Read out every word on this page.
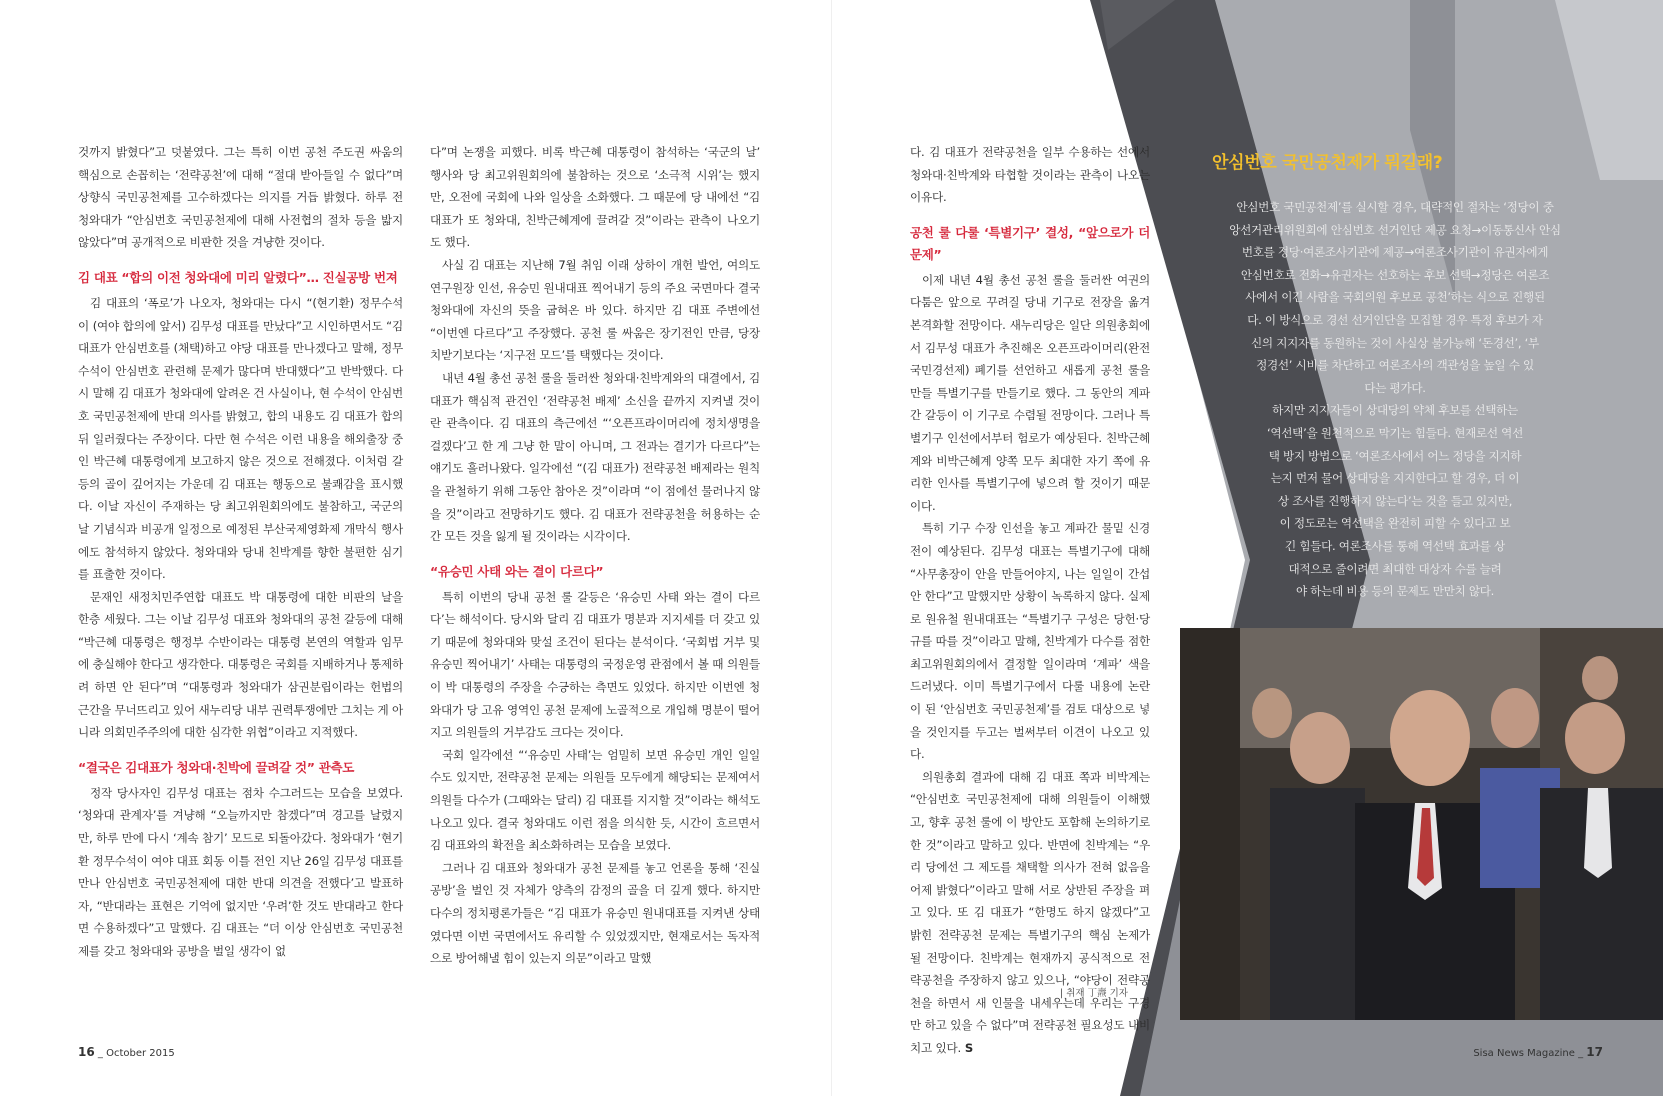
것까지 밝혔다”고 덧붙였다. 그는 특히 이번 공천 주도권 싸움의 핵심으로 손꼽히는 ‘전략공천’에 대해 “절대 받아들일 수 없다”며 상향식 국민공천제를 고수하겠다는 의지를 거듭 밝혔다. 하루 전 청와대가 “안심번호 국민공천제에 대해 사전협의 절차 등을 밟지 않았다”며 공개적으로 비판한 것을 겨냥한 것이다.

김 대표 “합의 이전 청와대에 미리 알렸다”… 진실공방 번져

김 대표의 ‘폭로’가 나오자, 청와대는 다시 “(현기환) 정무수석이 (여야 합의에 앞서) 김무성 대표를 만났다”고 시인하면서도 “김 대표가 안심번호를 (채택)하고 야당 대표를 만나겠다고 말해, 정무수석이 안심번호 관련해 문제가 많다며 반대했다”고 반박했다. 다시 말해 김 대표가 청와대에 알려온 건 사실이나, 현 수석이 안심번호 국민공천제에 반대 의사를 밝혔고, 합의 내용도 김 대표가 합의 뒤 일러줬다는 주장이다. 다만 현 수석은 이런 내용을 해외출장 중인 박근혜 대통령에게 보고하지 않은 것으로 전해졌다. 이처럼 갈등의 골이 깊어지는 가운데 김 대표는 행동으로 불쾌감을 표시했다. 이날 자신이 주재하는 당 최고위원회의에도 불참하고, 국군의 날 기념식과 비공개 일정으로 예정된 부산국제영화제 개막식 행사에도 참석하지 않았다. 청와대와 당내 친박계를 향한 불편한 심기를 표출한 것이다.

문재인 새정치민주연합 대표도 박 대통령에 대한 비판의 날을 한층 세웠다. 그는 이날 김무성 대표와 청와대의 공천 갈등에 대해 “박근혜 대통령은 행정부 수반이라는 대통령 본연의 역할과 임무에 충실해야 한다고 생각한다. 대통령은 국회를 지배하거나 통제하려 하면 안 된다”며 “대통령과 청와대가 삼권분립이라는 헌법의 근간을 무너뜨리고 있어 새누리당 내부 권력투쟁에만 그치는 게 아니라 의회민주주의에 대한 심각한 위협”이라고 지적했다.

“결국은 김대표가 청와대·친박에 끌려갈 것” 관측도

정작 당사자인 김무성 대표는 점차 수그러드는 모습을 보였다. ‘청와대 관계자’를 겨냥해 “오늘까지만 참겠다”며 경고를 날렸지만, 하루 만에 다시 ‘계속 참기’ 모드로 되돌아갔다. 청와대가 ‘현기환 정무수석이 여야 대표 회동 이틀 전인 지난 26일 김무성 대표를 만나 안심번호 국민공천제에 대한 반대 의견을 전했다’고 발표하자, “반대라는 표현은 기억에 없지만 ‘우려’한 것도 반대라고 한다면 수용하겠다”고 말했다. 김 대표는 “더 이상 안심번호 국민공천제를 갖고 청와대와 공방을 벌일 생각이 없

다”며 논쟁을 피했다. 비록 박근혜 대통령이 참석하는 ‘국군의 날’ 행사와 당 최고위원회의에 불참하는 것으로 ‘소극적 시위’는 했지만, 오전에 국회에 나와 일상을 소화했다. 그 때문에 당 내에선 “김 대표가 또 청와대, 친박근혜계에 끌려갈 것”이라는 관측이 나오기도 했다.

사실 김 대표는 지난해 7월 취임 이래 상하이 개헌 발언, 여의도연구원장 인선, 유승민 원내대표 찍어내기 등의 주요 국면마다 결국 청와대에 자신의 뜻을 굽혀온 바 있다. 하지만 김 대표 주변에선 “이번엔 다르다”고 주장했다. 공천 룰 싸움은 장기전인 만큼, 당장 치받기보다는 ‘지구전 모드’를 택했다는 것이다.

내년 4월 총선 공천 룰을 둘러싼 청와대·친박계와의 대결에서, 김 대표가 핵심적 관건인 ‘전략공천 배제’ 소신을 끝까지 지켜낼 것이란 관측이다. 김 대표의 측근에선 “‘오픈프라이머리에 정치생명을 걸겠다’고 한 게 그냥 한 말이 아니며, 그 전과는 결기가 다르다”는 얘기도 흘러나왔다. 일각에선 “(김 대표가) 전략공천 배제라는 원칙을 관철하기 위해 그동안 참아온 것”이라며 “이 점에선 물러나지 않을 것”이라고 전망하기도 했다. 김 대표가 전략공천을 허용하는 순간 모든 것을 잃게 될 것이라는 시각이다.

“유승민 사태 와는 결이 다르다”

특히 이번의 당내 공천 룰 갈등은 ‘유승민 사태 와는 결이 다르다’는 해석이다. 당시와 달리 김 대표가 명분과 지지세를 더 갖고 있기 때문에 청와대와 맞설 조건이 된다는 분석이다. ‘국회법 거부 및 유승민 찍어내기’ 사태는 대통령의 국정운영 관점에서 볼 때 의원들이 박 대통령의 주장을 수긍하는 측면도 있었다. 하지만 이번엔 청와대가 당 고유 영역인 공천 문제에 노골적으로 개입해 명분이 떨어지고 의원들의 거부감도 크다는 것이다.

국회 일각에선 “‘유승민 사태’는 엄밀히 보면 유승민 개인 일일 수도 있지만, 전략공천 문제는 의원들 모두에게 해당되는 문제여서 의원들 다수가 (그때와는 달리) 김 대표를 지지할 것”이라는 해석도 나오고 있다. 결국 청와대도 이런 점을 의식한 듯, 시간이 흐르면서 김 대표와의 확전을 최소화하려는 모습을 보였다.

그러나 김 대표와 청와대가 공천 문제를 놓고 언론을 통해 ‘진실공방’을 벌인 것 자체가 양측의 감정의 골을 더 깊게 했다. 하지만 다수의 정치평론가들은 “김 대표가 유승민 원내대표를 지켜낸 상태였다면 이번 국면에서도 유리할 수 있었겠지만, 현재로서는 독자적으로 방어해낼 힘이 있는지 의문”이라고 말했

다. 김 대표가 전략공천을 일부 수용하는 선에서 청와대·친박계와 타협할 것이라는 관측이 나오는 이유다.

공천 룰 다룰 ‘특별기구’ 결성, “앞으로가 더 문제”

이제 내년 4월 총선 공천 룰을 둘러싼 여권의 다툼은 앞으로 꾸려질 당내 기구로 전장을 옮겨 본격화할 전망이다. 새누리당은 일단 의원총회에서 김무성 대표가 추진해온 오픈프라이머리(완전국민경선제) 폐기를 선언하고 새롭게 공천 룰을 만들 특별기구를 만들기로 했다. 그 동안의 계파 간 갈등이 이 기구로 수렴될 전망이다. 그러나 특별기구 인선에서부터 험로가 예상된다. 친박근혜계와 비박근혜계 양쪽 모두 최대한 자기 쪽에 유리한 인사를 특별기구에 넣으려 할 것이기 때문이다.

특히 기구 수장 인선을 놓고 계파간 물밑 신경전이 예상된다. 김무성 대표는 특별기구에 대해 “사무총장이 안을 만들어야지, 나는 일일이 간섭 안 한다”고 말했지만 상황이 녹록하지 않다. 실제로 원유철 원내대표는 “특별기구 구성은 당헌·당규를 따를 것”이라고 말해, 친박계가 다수를 점한 최고위원회의에서 결정할 일이라며 ‘계파’ 색을 드러냈다. 이미 특별기구에서 다룰 내용에 논란이 된 ‘안심번호 국민공천제’를 검토 대상으로 넣을 것인지를 두고는 벌써부터 이견이 나오고 있다.

의원총회 결과에 대해 김 대표 쪽과 비박계는 “안심번호 국민공천제에 대해 의원들이 이해했고, 향후 공천 룰에 이 방안도 포함해 논의하기로 한 것”이라고 말하고 있다. 반면에 친박계는 “우리 당에선 그 제도를 채택할 의사가 전혀 없음을 어제 밝혔다”이라고 말해 서로 상반된 주장을 펴고 있다. 또 김 대표가 “한명도 하지 않겠다”고 밝힌 전략공천 문제는 특별기구의 핵심 논제가 될 전망이다. 친박계는 현재까지 공식적으로 전략공천을 주장하지 않고 있으나, “야당이 전략공천을 하면서 새 인물을 내세우는데 우리는 구경만 하고 있을 수 없다”며 전략공천 필요성도 내비치고 있다. S

안심번호 국민공천제가 뭐길래?
안심번호 국민공천제’를 실시할 경우, 대략적인 절차는 ‘정당이 중
앙선거관리위원회에 안심번호 선거인단 제공 요청→이동통신사 안심
번호를 정당·여론조사기관에 제공→여론조사기관이 유권자에게
안심번호로 전화→유권자는 선호하는 후보 선택→정당은 여론조
사에서 이긴 사람을 국회의원 후보로 공천’하는 식으로 진행된
다. 이 방식으로 경선 선거인단을 모집할 경우 특정 후보가 자
신의 지지자를 동원하는 것이 사실상 불가능해 ‘돈경선’, ‘부
정경선’ 시비를 차단하고 여론조사의 객관성을 높일 수 있
다는 평가다.
하지만 지지자들이 상대당의 약체 후보를 선택하는
‘역선택’을 원천적으로 막기는 힘들다. 현재로선 역선
택 방지 방법으로 ‘여론조사에서 어느 정당을 지지하
는지 먼저 물어 상대당을 지지한다고 할 경우, 더 이
상 조사를 진행하지 않는다’는 것을 들고 있지만,
이 정도로는 역선택을 완전히 피할 수 있다고 보
긴 힘들다. 여론조사를 통해 역선택 효과를 상
대적으로 줄이려면 최대한 대상자 수를 늘려
야 하는데 비용 등의 문제도 만만치 않다.
| 취재 丁燾 기자
16 _ October 2015	Sisa News Magazine _ 17
